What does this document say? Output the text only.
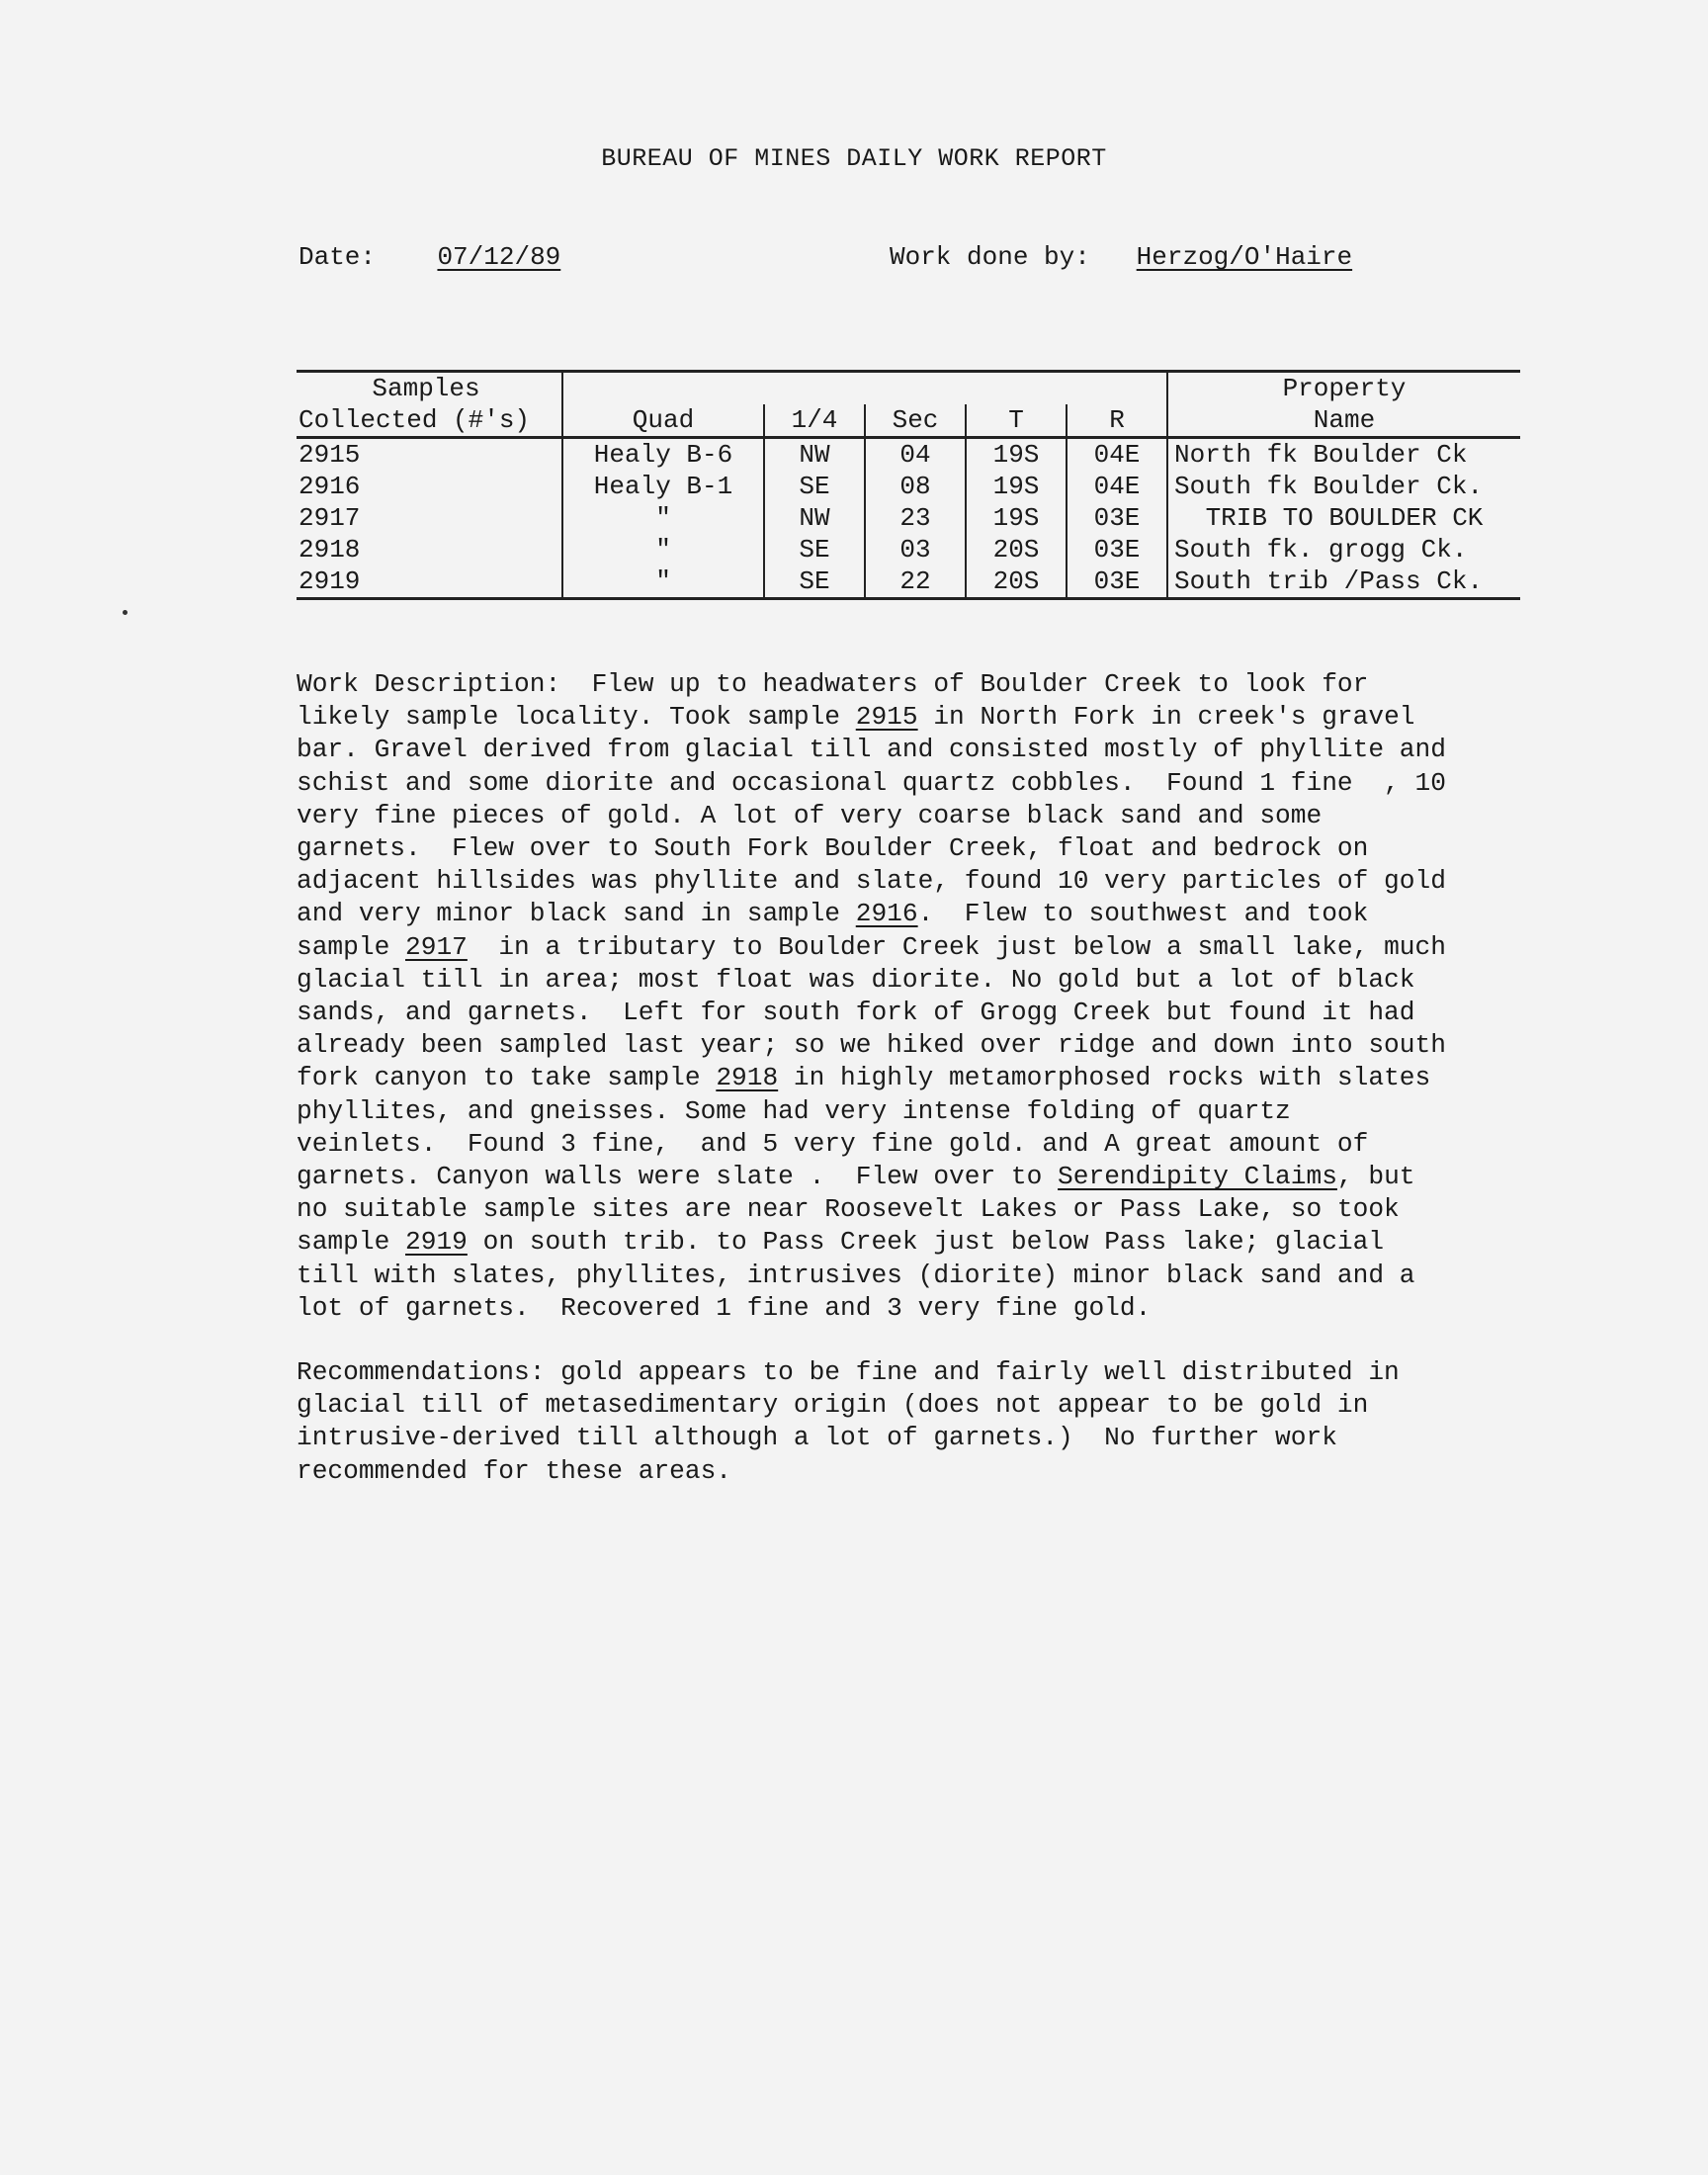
BUREAU OF MINES DAILY WORK REPORT
Date: 07/12/89	Work done by: Herzog/O'Haire
Samples						Property
Collected (#'s)	Quad	1/4	Sec	T	R	Name
2915	Healy B-6	NW	04	19S	04E	North fk Boulder Ck
2916	Healy B-1	SE	08	19S	04E	South fk Boulder Ck.
2917	"	NW	23	19S	03E	TRIB TO BOULDER CK
2918	"	SE	03	20S	03E	South fk. grogg Ck.
2919	"	SE	22	20S	03E	South trib /Pass Ck.
Work Description:  Flew up to headwaters of Boulder Creek to look for
likely sample locality. Took sample 2915 in North Fork in creek's gravel
bar. Gravel derived from glacial till and consisted mostly of phyllite and
schist and some diorite and occasional quartz cobbles.  Found 1 fine  , 10
very fine pieces of gold. A lot of very coarse black sand and some
garnets.  Flew over to South Fork Boulder Creek, float and bedrock on
adjacent hillsides was phyllite and slate, found 10 very particles of gold
and very minor black sand in sample 2916.  Flew to southwest and took
sample 2917  in a tributary to Boulder Creek just below a small lake, much
glacial till in area; most float was diorite. No gold but a lot of black
sands, and garnets.  Left for south fork of Grogg Creek but found it had
already been sampled last year; so we hiked over ridge and down into south
fork canyon to take sample 2918 in highly metamorphosed rocks with slates
phyllites, and gneisses. Some had very intense folding of quartz
veinlets.  Found 3 fine,  and 5 very fine gold. and A great amount of
garnets. Canyon walls were slate .  Flew over to Serendipity Claims, but
no suitable sample sites are near Roosevelt Lakes or Pass Lake, so took
sample 2919 on south trib. to Pass Creek just below Pass lake; glacial
till with slates, phyllites, intrusives (diorite) minor black sand and a
lot of garnets.  Recovered 1 fine and 3 very fine gold.
Recommendations: gold appears to be fine and fairly well distributed in
glacial till of metasedimentary origin (does not appear to be gold in
intrusive-derived till although a lot of garnets.)  No further work
recommended for these areas.
